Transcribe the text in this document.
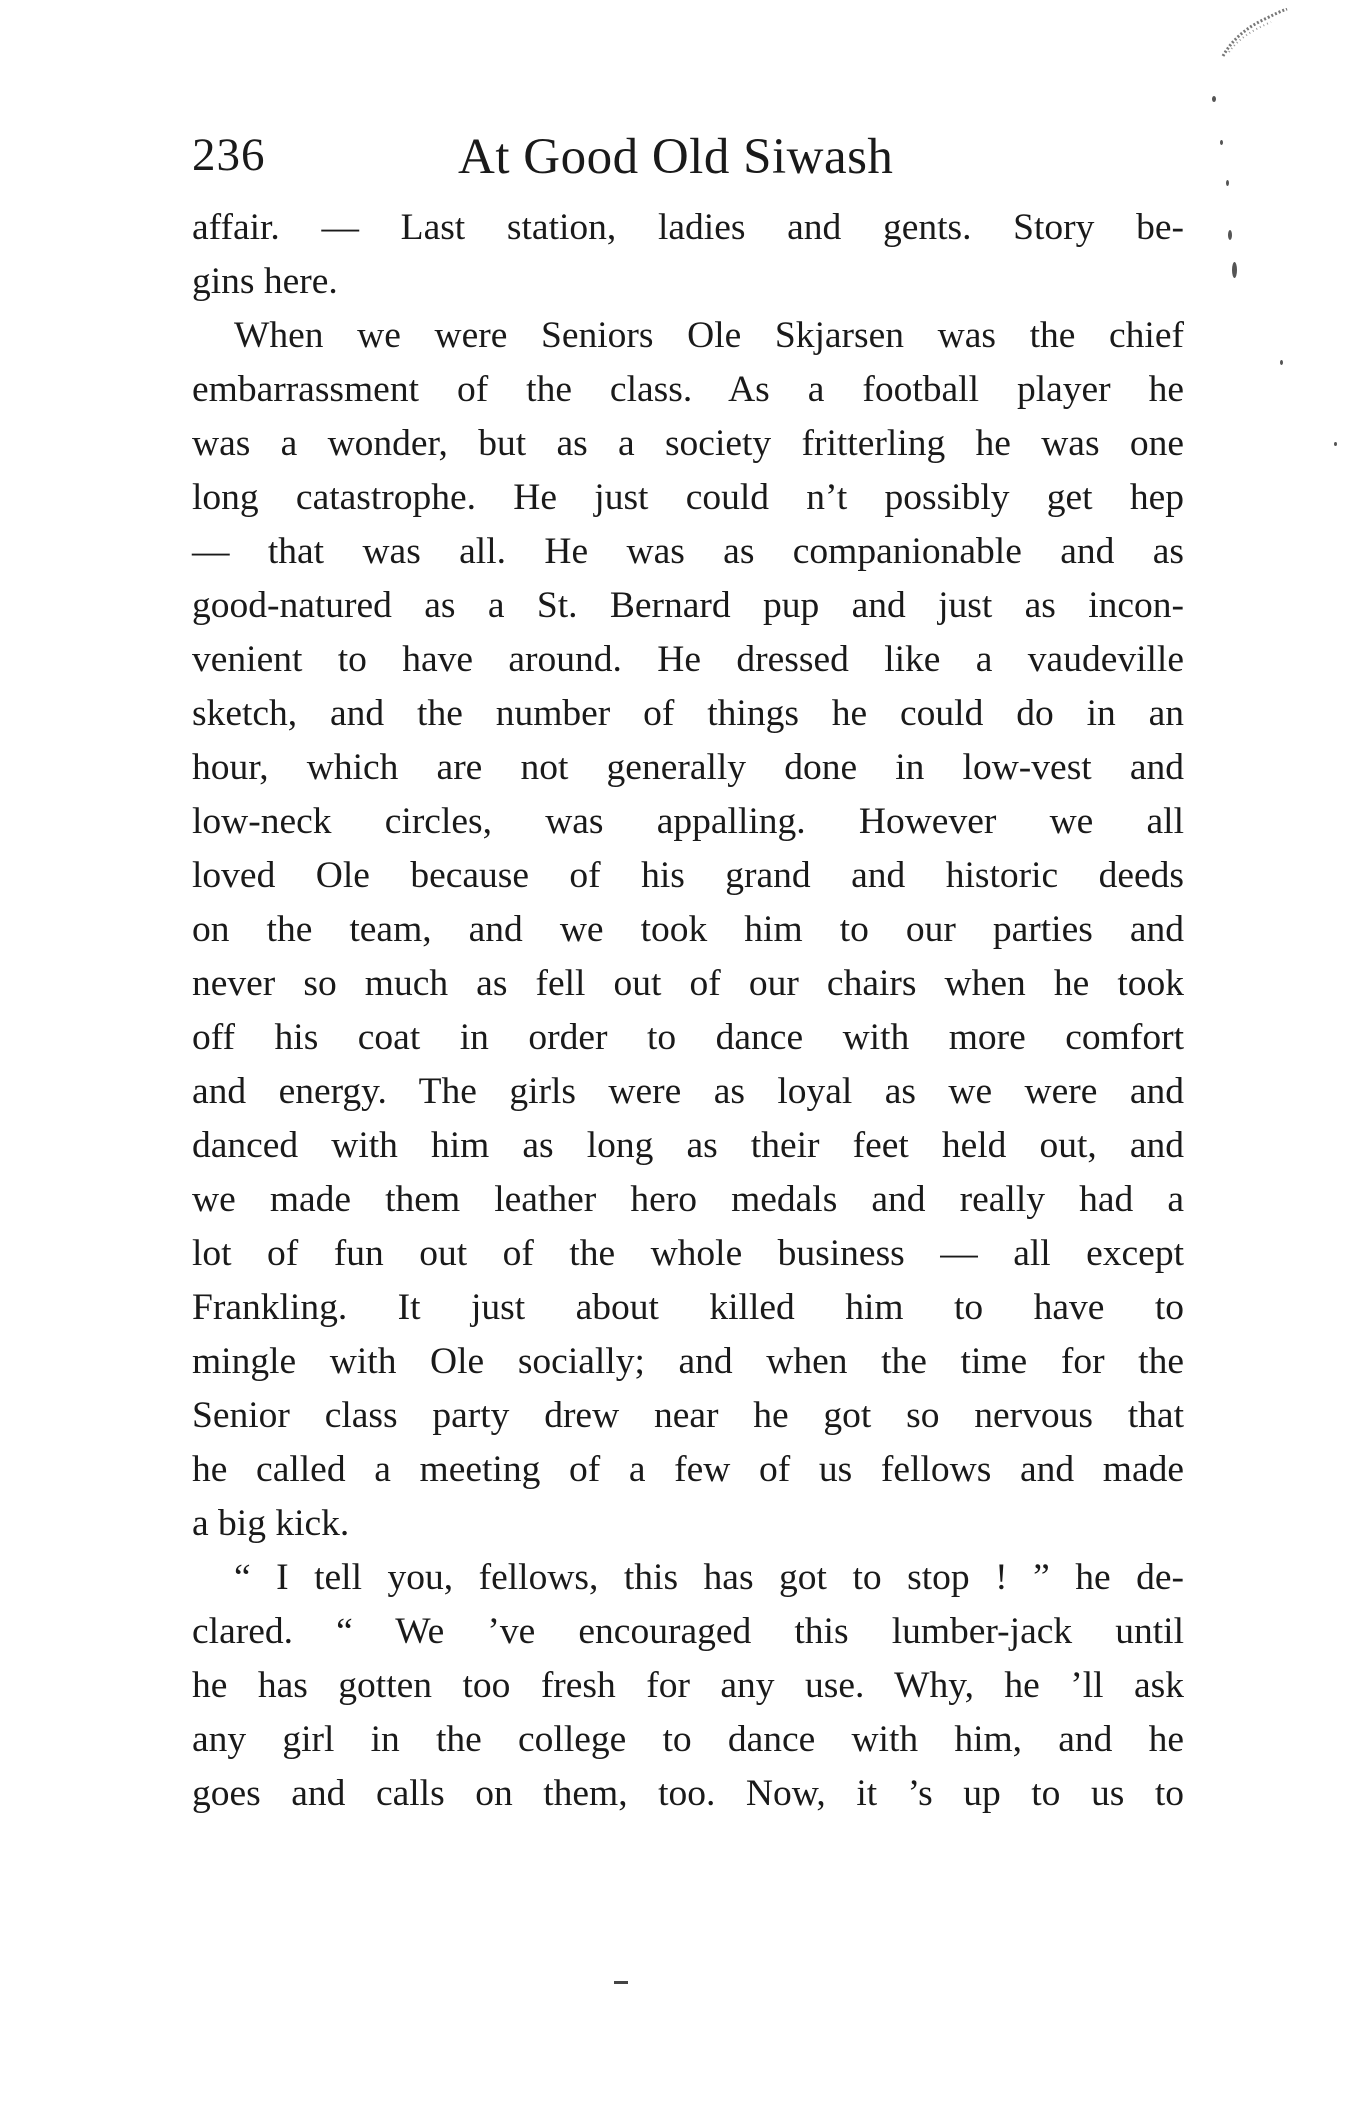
236	At Good Old Siwash
affair. — Last station, ladies and gents. Story be-
gins here.
When we were Seniors Ole Skjarsen was the chief
embarrassment of the class. As a football player he
was a wonder, but as a society fritterling he was one
long catastrophe. He just could n’t possibly get hep
— that was all. He was as companionable and as
good-natured as a St. Bernard pup and just as incon-
venient to have around. He dressed like a vaudeville
sketch, and the number of things he could do in an
hour, which are not generally done in low-vest and
low-neck circles, was appalling. However we all
loved Ole because of his grand and historic deeds
on the team, and we took him to our parties and
never so much as fell out of our chairs when he took
off his coat in order to dance with more comfort
and energy. The girls were as loyal as we were and
danced with him as long as their feet held out, and
we made them leather hero medals and really had a
lot of fun out of the whole business — all except
Frankling. It just about killed him to have to
mingle with Ole socially; and when the time for the
Senior class party drew near he got so nervous that
he called a meeting of a few of us fellows and made
a big kick.
“ I tell you, fellows, this has got to stop ! ” he de-
clared. “ We ’ve encouraged this lumber-jack until
he has gotten too fresh for any use. Why, he ’ll ask
any girl in the college to dance with him, and he
goes and calls on them, too. Now, it ’s up to us to
